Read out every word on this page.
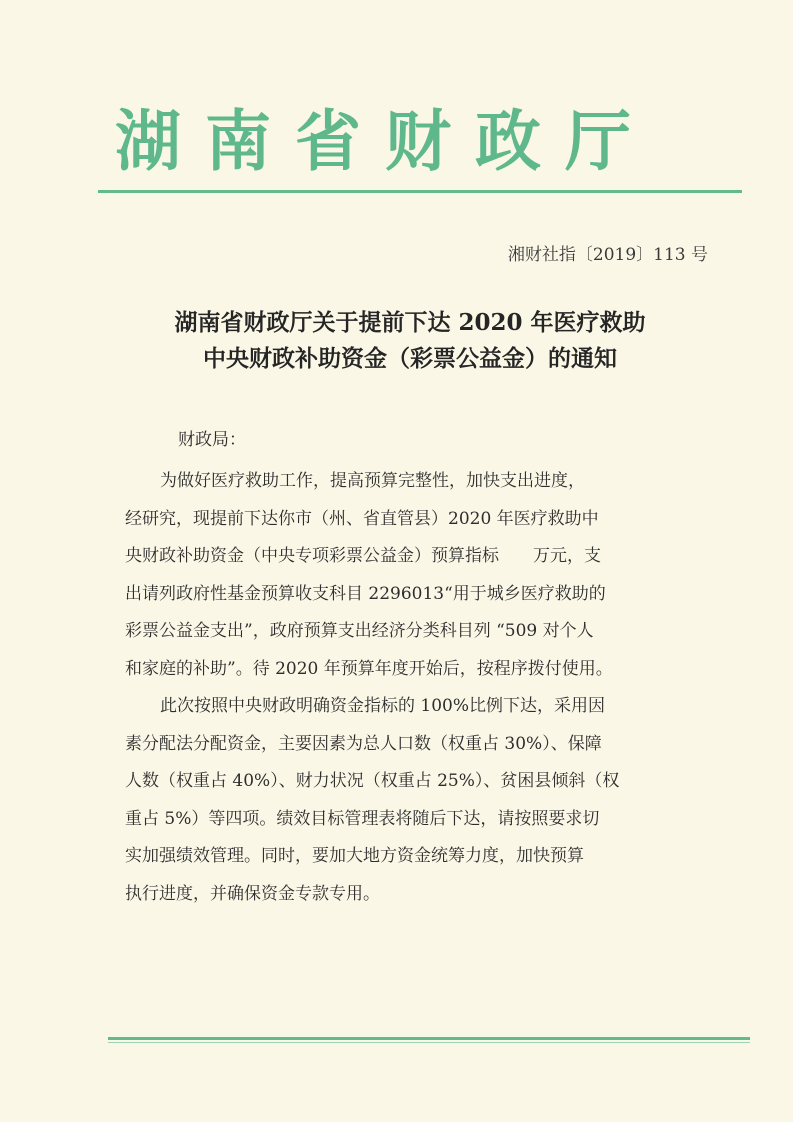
湖南省财政厅
湘财社指〔2019〕113 号
湖南省财政厅关于提前下达 2020 年医疗救助
中央财政补助资金（彩票公益金）的通知
财政局：
为做好医疗救助工作，提高预算完整性，加快支出进度，
经研究，现提前下达你市（州、省直管县）2020 年医疗救助中
央财政补助资金（中央专项彩票公益金）预算指标　　万元，支
出请列政府性基金预算收支科目 2296013“用于城乡医疗救助的
彩票公益金支出”，政府预算支出经济分类科目列 “509 对个人
和家庭的补助”。待 2020 年预算年度开始后，按程序拨付使用。
此次按照中央财政明确资金指标的 100%比例下达，采用因
素分配法分配资金，主要因素为总人口数（权重占 30%）、保障
人数（权重占 40%）、财力状况（权重占 25%）、贫困县倾斜（权
重占 5%）等四项。绩效目标管理表将随后下达，请按照要求切
实加强绩效管理。同时，要加大地方资金统筹力度，加快预算
执行进度，并确保资金专款专用。
